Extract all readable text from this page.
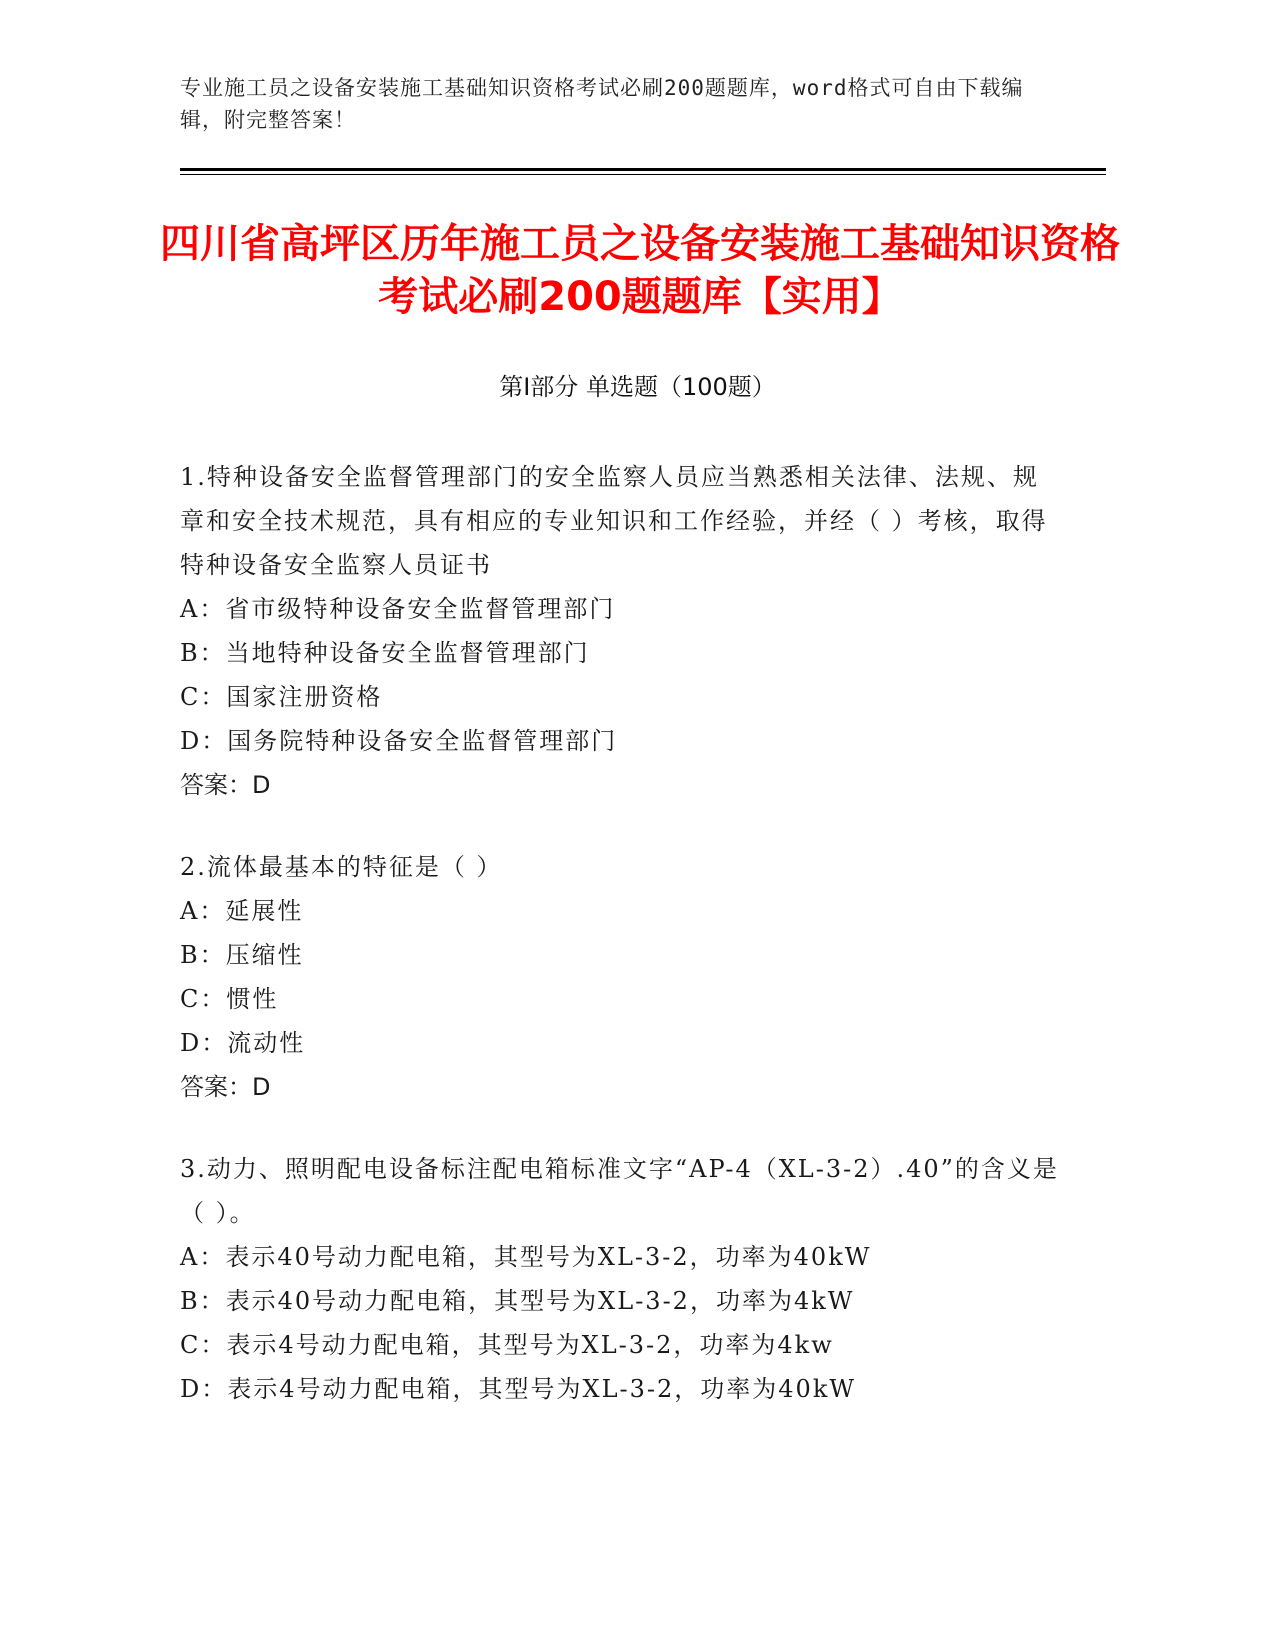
专业施工员之设备安装施工基础知识资格考试必刷200题题库，word格式可自由下载编辑，附完整答案！
四川省高坪区历年施工员之设备安装施工基础知识资格考试必刷200题题库【实用】
第Ⅰ部分 单选题（100题）

1.特种设备安全监督管理部门的安全监察人员应当熟悉相关法律、法规、规章和安全技术规范，具有相应的专业知识和工作经验，并经（ ）考核，取得特种设备安全监察人员证书

A：省市级特种设备安全监督管理部门

B：当地特种设备安全监督管理部门

C：国家注册资格

D：国务院特种设备安全监督管理部门

答案：D

2.流体最基本的特征是（ ）

A：延展性

B：压缩性

C：惯性

D：流动性

答案：D

3.动力、照明配电设备标注配电箱标准文字“AP-4（XL-3-2）.40”的含义是（ ）。

A：表示40号动力配电箱，其型号为XL-3-2，功率为40kW

B：表示40号动力配电箱，其型号为XL-3-2，功率为4kW

C：表示4号动力配电箱，其型号为XL-3-2，功率为4kw

D：表示4号动力配电箱，其型号为XL-3-2，功率为40kW
